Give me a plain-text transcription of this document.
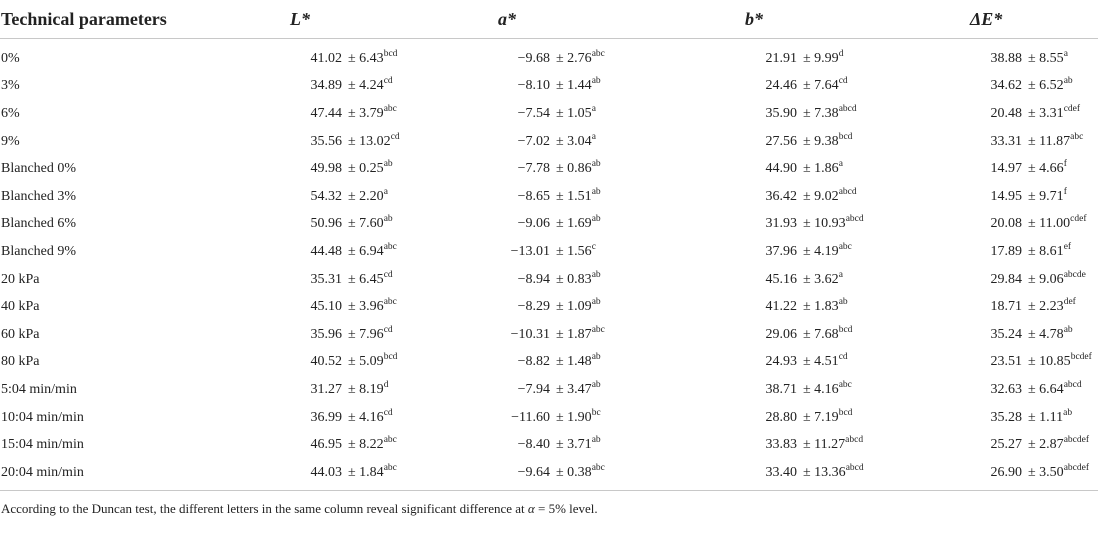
Technical parameters	L*	a*	b*	ΔE*
0%	41.02 ± 6.43$^{bcd}$	−9.68 ± 2.76$^{abc}$	21.91 ± 9.99$^d$	38.88 ± 8.55$^a$
3%	34.89 ± 4.24$^{cd}$	−8.10 ± 1.44$^{ab}$	24.46 ± 7.64$^{cd}$	34.62 ± 6.52$^{ab}$
6%	47.44 ± 3.79$^{abc}$	−7.54 ± 1.05$^a$	$35.90 \pm 7.38^{abcd}$	$20.48 \pm 3.31^{cdef}$
9%	35.56 ± 13.02$^{cd}$	−7.02 ± 3.04$^a$	27.56 ± 9.38$^{bcd}$	33.31 ± 11.87$^{abc}$
Blanched 0%	49.98 ± 0.25$^{ab}$	−7.78 ± 0.86$^{ab}$	44.90 ± 1.86$^a$	14.97 ± 4.66$^f$
Blanched 3%	54.32 ± 2.20$^a$	−8.65 ± 1.51$^{ab}$	$36.42 \pm 9.02^{abcd}$	14.95 ± 9.71$^f$
Blanched 6%	50.96 ± 7.60$^{ab}$	−9.06 ± 1.69$^{ab}$	$31.93 \pm 10.93^{abcd}$	$20.08 \pm 11.00^{cdef}$
Blanched 9%	44.48 ± 6.94$^{abc}$	−13.01 ± 1.56$^c$	37.96 ± 4.19$^{abc}$	17.89 ± 8.61$^{ef}$
20 kPa	35.31 ± 6.45$^{cd}$	−8.94 ± 0.83$^{ab}$	45.16 ± 3.62$^a$	$29.84 \pm 9.06^{abcde}$
40 kPa	45.10 ± 3.96$^{abc}$	−8.29 ± 1.09$^{ab}$	41.22 ± 1.83$^{ab}$	18.71 ± 2.23$^{def}$
60 kPa	35.96 ± 7.96$^{cd}$	−10.31 ± 1.87$^{abc}$	29.06 ± 7.68$^{bcd}$	35.24 ± 4.78$^{ab}$
80 kPa	40.52 ± 5.09$^{bcd}$	−8.82 ± 1.48$^{ab}$	24.93 ± 4.51$^{cd}$	$23.51 \pm 10.85^{bcdef}$
5:04 min/min	31.27 ± 8.19$^d$	−7.94 ± 3.47$^{ab}$	38.71 ± 4.16$^{abc}$	$32.63 \pm 6.64^{abcd}$
10:04 min/min	36.99 ± 4.16$^{cd}$	−11.60 ± 1.90$^{bc}$	28.80 ± 7.19$^{bcd}$	35.28 ± 1.11$^{ab}$
15:04 min/min	46.95 ± 8.22$^{abc}$	−8.40 ± 3.71$^{ab}$	$33.83 \pm 11.27^{abcd}$	$25.27 \pm 2.87^{abcdef}$
20:04 min/min	44.03 ± 1.84$^{abc}$	−9.64 ± 0.38$^{abc}$	$33.40 \pm 13.36^{abcd}$	$26.90 \pm 3.50^{abcdef}$
According to the Duncan test, the different letters in the same column reveal significant difference at α = 5% level.
